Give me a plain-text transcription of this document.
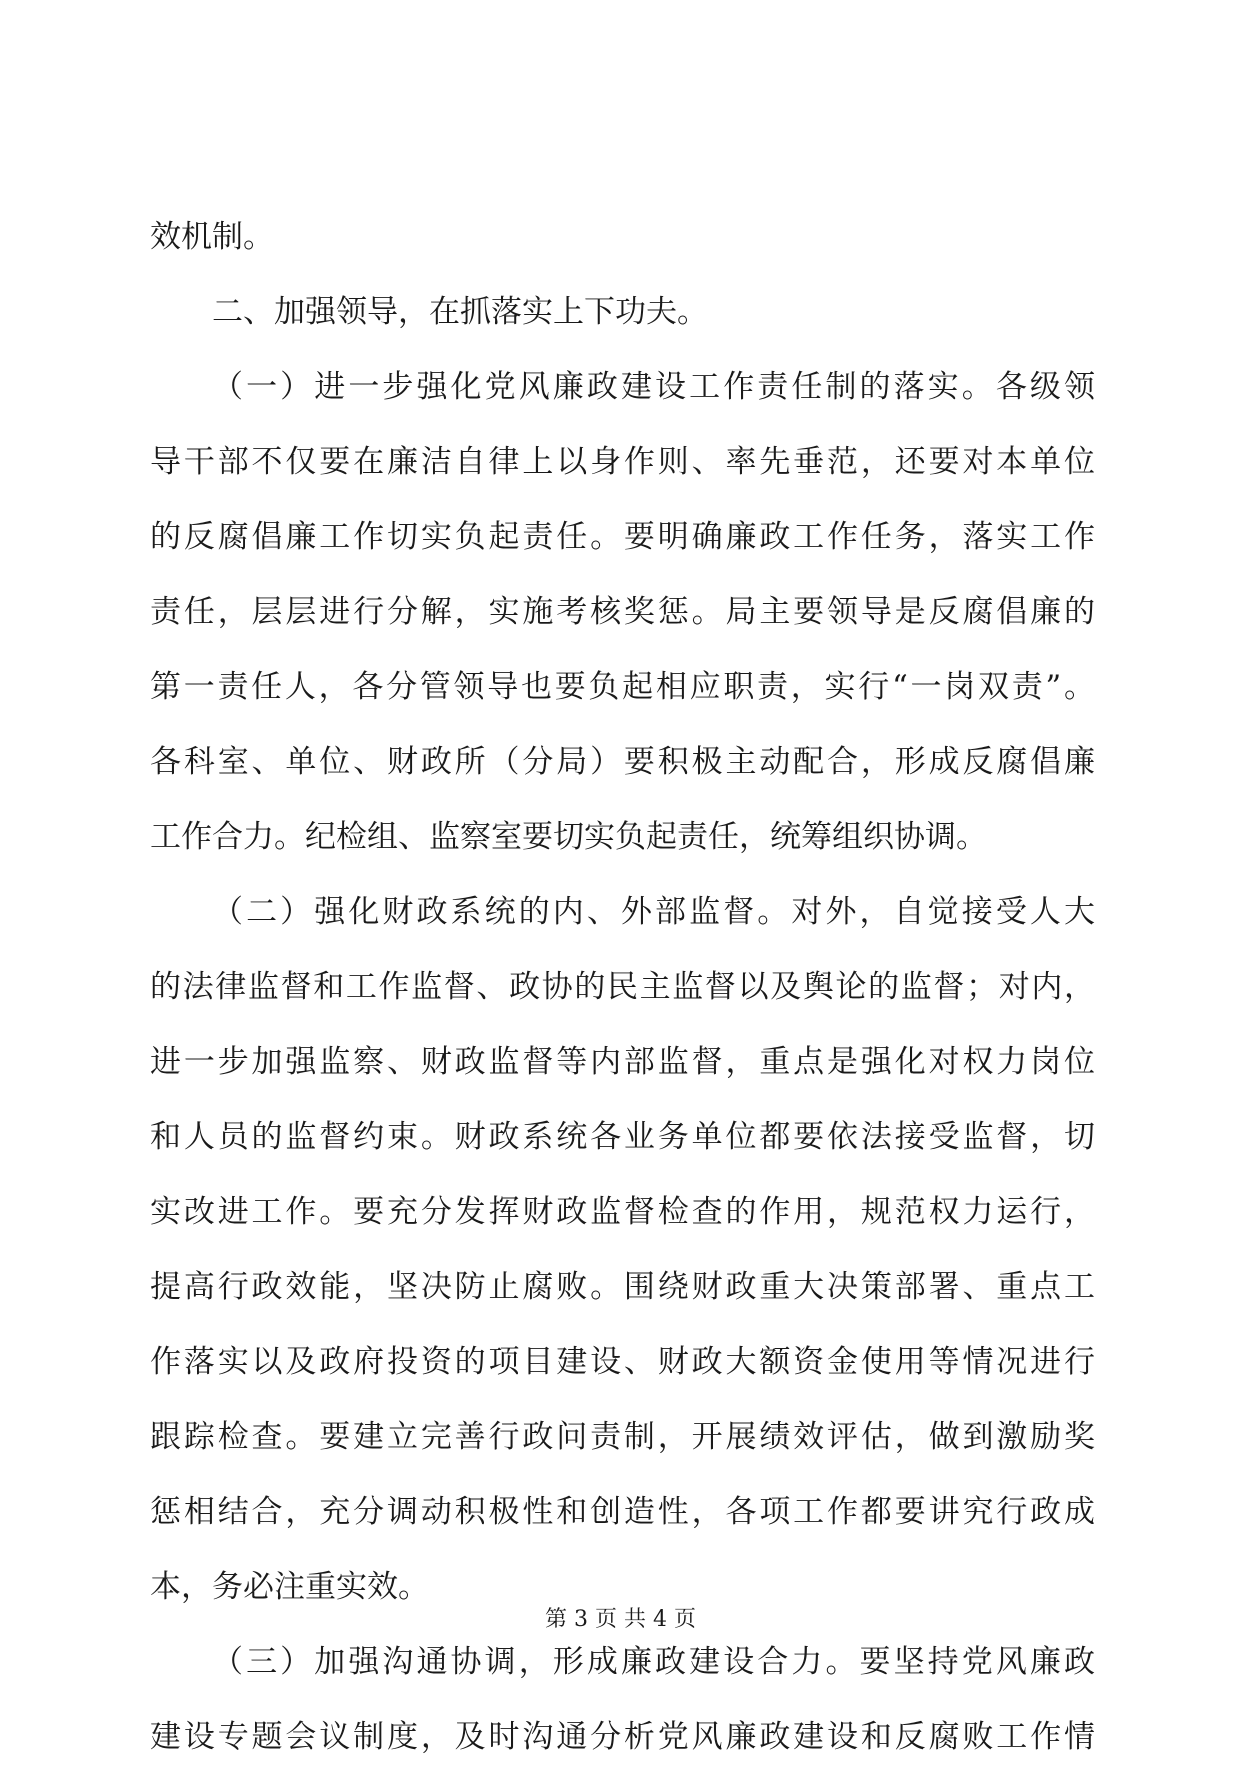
效机制。
二、加强领导，在抓落实上下功夫。
（一）进一步强化党风廉政建设工作责任制的落实。各级领
导干部不仅要在廉洁自律上以身作则、率先垂范，还要对本单位
的反腐倡廉工作切实负起责任。要明确廉政工作任务，落实工作
责任，层层进行分解，实施考核奖惩。局主要领导是反腐倡廉的
第一责任人，各分管领导也要负起相应职责，实行“一岗双责”。
各科室、单位、财政所（分局）要积极主动配合，形成反腐倡廉
工作合力。纪检组、监察室要切实负起责任，统筹组织协调。
（二）强化财政系统的内、外部监督。对外，自觉接受人大
的法律监督和工作监督、政协的民主监督以及舆论的监督；对内，
进一步加强监察、财政监督等内部监督，重点是强化对权力岗位
和人员的监督约束。财政系统各业务单位都要依法接受监督，切
实改进工作。要充分发挥财政监督检查的作用，规范权力运行，
提高行政效能，坚决防止腐败。围绕财政重大决策部署、重点工
作落实以及政府投资的项目建设、财政大额资金使用等情况进行
跟踪检查。要建立完善行政问责制，开展绩效评估，做到激励奖
惩相结合，充分调动积极性和创造性，各项工作都要讲究行政成
本，务必注重实效。
（三）加强沟通协调，形成廉政建设合力。要坚持党风廉政
建设专题会议制度，及时沟通分析党风廉政建设和反腐败工作情
第 3 页 共 4 页
